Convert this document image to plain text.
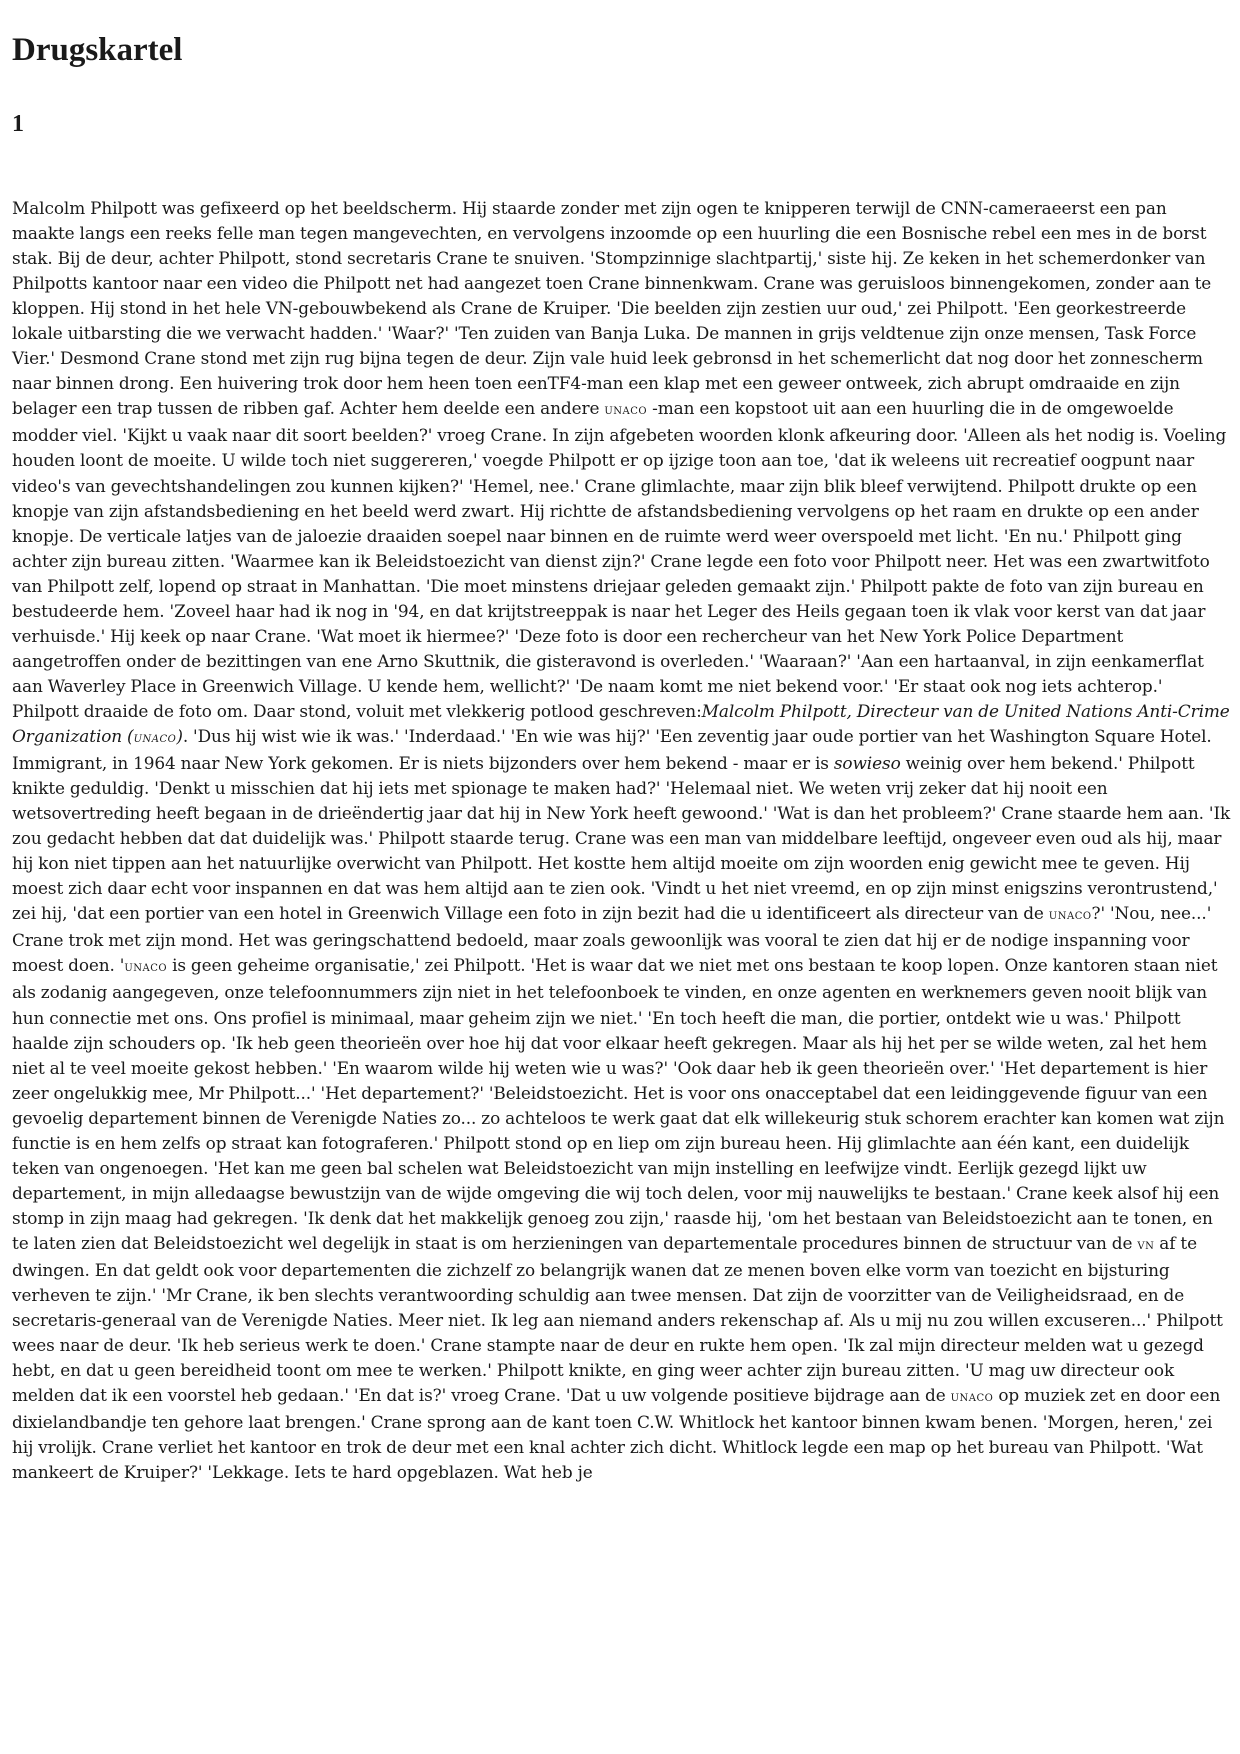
Drugskartel
1

Malcolm Philpott was gefixeerd op het beeldscherm. Hij staarde zonder met zijn ogen te knipperen terwijl de CNN-cameraeerst een pan maakte langs een reeks felle man tegen mangevechten, en vervolgens inzoomde op een huurling die een Bosnische rebel een mes in de borst stak. Bij de deur, achter Philpott, stond secretaris Crane te snuiven. 'Stompzinnige slachtpartij,' siste hij. Ze keken in het schemerdonker van Philpotts kantoor naar een video die Philpott net had aangezet toen Crane binnenkwam. Crane was geruisloos binnengekomen, zonder aan te kloppen. Hij stond in het hele VN-gebouwbekend als Crane de Kruiper. 'Die beelden zijn zestien uur oud,' zei Philpott. 'Een georkestreerde lokale uitbarsting die we verwacht hadden.' 'Waar?' 'Ten zuiden van Banja Luka. De mannen in grijs veldtenue zijn onze mensen, Task Force Vier.' Desmond Crane stond met zijn rug bijna tegen de deur. Zijn vale huid leek gebronsd in het schemerlicht dat nog door het zonnescherm naar binnen drong. Een huivering trok door hem heen toen eenTF4-man een klap met een geweer ontweek, zich abrupt omdraaide en zijn belager een trap tussen de ribben gaf. Achter hem deelde een andere unaco -man een kopstoot uit aan een huurling die in de omgewoelde modder viel. 'Kijkt u vaak naar dit soort beelden?' vroeg Crane. In zijn afgebeten woorden klonk afkeuring door. 'Alleen als het nodig is. Voeling houden loont de moeite. U wilde toch niet suggereren,' voegde Philpott er op ijzige toon aan toe, 'dat ik weleens uit recreatief oogpunt naar video's van gevechtshandelingen zou kunnen kijken?' 'Hemel, nee.' Crane glimlachte, maar zijn blik bleef verwijtend. Philpott drukte op een knopje van zijn afstandsbediening en het beeld werd zwart. Hij richtte de afstandsbediening vervolgens op het raam en drukte op een ander knopje. De verticale latjes van de jaloezie draaiden soepel naar binnen en de ruimte werd weer overspoeld met licht. 'En nu.' Philpott ging achter zijn bureau zitten. 'Waarmee kan ik Beleidstoezicht van dienst zijn?' Crane legde een foto voor Philpott neer. Het was een zwartwitfoto van Philpott zelf, lopend op straat in Manhattan. 'Die moet minstens driejaar geleden gemaakt zijn.' Philpott pakte de foto van zijn bureau en bestudeerde hem. 'Zoveel haar had ik nog in '94, en dat krijtstreeppak is naar het Leger des Heils gegaan toen ik vlak voor kerst van dat jaar verhuisde.' Hij keek op naar Crane. 'Wat moet ik hiermee?' 'Deze foto is door een rechercheur van het New York Police Department aangetroffen onder de bezittingen van ene Arno Skuttnik, die gisteravond is overleden.' 'Waaraan?' 'Aan een hartaanval, in zijn eenkamerflat aan Waverley Place in Greenwich Village. U kende hem, wellicht?' 'De naam komt me niet bekend voor.' 'Er staat ook nog iets achterop.' Philpott draaide de foto om. Daar stond, voluit met vlekkerig potlood geschreven:Malcolm Philpott, Directeur van de United Nations Anti-Crime Organization (unaco). 'Dus hij wist wie ik was.' 'Inderdaad.' 'En wie was hij?' 'Een zeventig jaar oude portier van het Washington Square Hotel. Immigrant, in 1964 naar New York gekomen. Er is niets bijzonders over hem bekend - maar er is sowieso weinig over hem bekend.' Philpott knikte geduldig. 'Denkt u misschien dat hij iets met spionage te maken had?' 'Helemaal niet. We weten vrij zeker dat hij nooit een wetsovertreding heeft begaan in de drieëndertig jaar dat hij in New York heeft gewoond.' 'Wat is dan het probleem?' Crane staarde hem aan. 'Ik zou gedacht hebben dat dat duidelijk was.' Philpott staarde terug. Crane was een man van middelbare leeftijd, ongeveer even oud als hij, maar hij kon niet tippen aan het natuurlijke overwicht van Philpott. Het kostte hem altijd moeite om zijn woorden enig gewicht mee te geven. Hij moest zich daar echt voor inspannen en dat was hem altijd aan te zien ook. 'Vindt u het niet vreemd, en op zijn minst enigszins verontrustend,' zei hij, 'dat een portier van een hotel in Greenwich Village een foto in zijn bezit had die u identificeert als directeur van de unaco?' 'Nou, nee...' Crane trok met zijn mond. Het was geringschattend bedoeld, maar zoals gewoonlijk was vooral te zien dat hij er de nodige inspanning voor moest doen. 'unaco is geen geheime organisatie,' zei Philpott. 'Het is waar dat we niet met ons bestaan te koop lopen. Onze kantoren staan niet als zodanig aangegeven, onze telefoonnummers zijn niet in het telefoonboek te vinden, en onze agenten en werknemers geven nooit blijk van hun connectie met ons. Ons profiel is minimaal, maar geheim zijn we niet.' 'En toch heeft die man, die portier, ontdekt wie u was.' Philpott haalde zijn schouders op. 'Ik heb geen theorieën over hoe hij dat voor elkaar heeft gekregen. Maar als hij het per se wilde weten, zal het hem niet al te veel moeite gekost hebben.' 'En waarom wilde hij weten wie u was?' 'Ook daar heb ik geen theorieën over.' 'Het departement is hier zeer ongelukkig mee, Mr Philpott...' 'Het departement?' 'Beleidstoezicht. Het is voor ons onacceptabel dat een leidinggevende figuur van een gevoelig departement binnen de Verenigde Naties zo... zo achteloos te werk gaat dat elk willekeurig stuk schorem erachter kan komen wat zijn functie is en hem zelfs op straat kan fotograferen.' Philpott stond op en liep om zijn bureau heen. Hij glimlachte aan één kant, een duidelijk teken van ongenoegen. 'Het kan me geen bal schelen wat Beleidstoezicht van mijn instelling en leefwijze vindt. Eerlijk gezegd lijkt uw departement, in mijn alledaagse bewustzijn van de wijde omgeving die wij toch delen, voor mij nauwelijks te bestaan.' Crane keek alsof hij een stomp in zijn maag had gekregen. 'Ik denk dat het makkelijk genoeg zou zijn,' raasde hij, 'om het bestaan van Beleidstoezicht aan te tonen, en te laten zien dat Beleidstoezicht wel degelijk in staat is om herzieningen van departementale procedures binnen de structuur van de vn af te dwingen. En dat geldt ook voor departementen die zichzelf zo belangrijk wanen dat ze menen boven elke vorm van toezicht en bijsturing verheven te zijn.' 'Mr Crane, ik ben slechts verantwoording schuldig aan twee mensen. Dat zijn de voorzitter van de Veiligheidsraad, en de secretaris-generaal van de Verenigde Naties. Meer niet. Ik leg aan niemand anders rekenschap af. Als u mij nu zou willen excuseren...' Philpott wees naar de deur. 'Ik heb serieus werk te doen.' Crane stampte naar de deur en rukte hem open. 'Ik zal mijn directeur melden wat u gezegd hebt, en dat u geen bereidheid toont om mee te werken.' Philpott knikte, en ging weer achter zijn bureau zitten. 'U mag uw directeur ook melden dat ik een voorstel heb gedaan.' 'En dat is?' vroeg Crane. 'Dat u uw volgende positieve bijdrage aan de unaco op muziek zet en door een dixielandbandje ten gehore laat brengen.' Crane sprong aan de kant toen C.W. Whitlock het kantoor binnen kwam benen. 'Morgen, heren,' zei hij vrolijk. Crane verliet het kantoor en trok de deur met een knal achter zich dicht. Whitlock legde een map op het bureau van Philpott. 'Wat mankeert de Kruiper?' 'Lekkage. Iets te hard opgeblazen. Wat heb je
